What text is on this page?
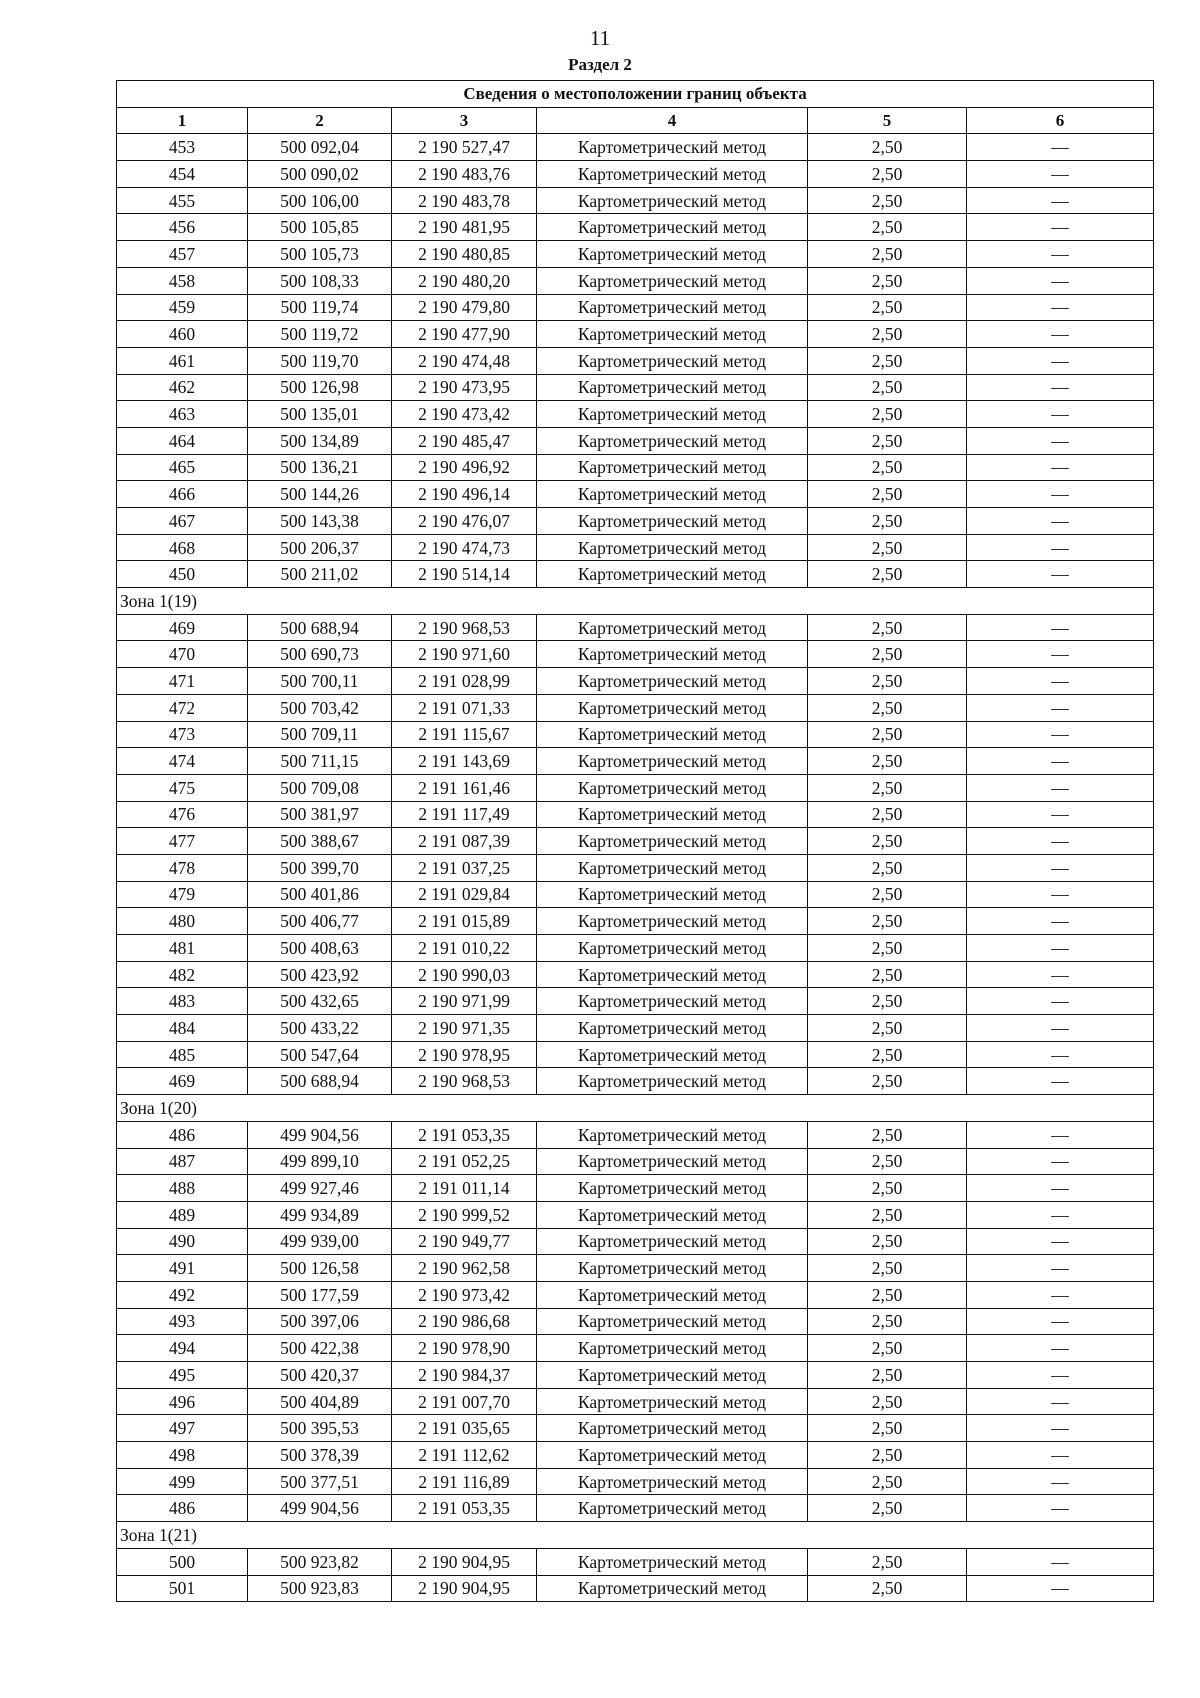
11
Раздел 2
Сведения о местоположении границ объекта					
1	2	3	4	5	6
453	500 092,04	2 190 527,47	Картометрический метод	2,50	—
454	500 090,02	2 190 483,76	Картометрический метод	2,50	—
455	500 106,00	2 190 483,78	Картометрический метод	2,50	—
456	500 105,85	2 190 481,95	Картометрический метод	2,50	—
457	500 105,73	2 190 480,85	Картометрический метод	2,50	—
458	500 108,33	2 190 480,20	Картометрический метод	2,50	—
459	500 119,74	2 190 479,80	Картометрический метод	2,50	—
460	500 119,72	2 190 477,90	Картометрический метод	2,50	—
461	500 119,70	2 190 474,48	Картометрический метод	2,50	—
462	500 126,98	2 190 473,95	Картометрический метод	2,50	—
463	500 135,01	2 190 473,42	Картометрический метод	2,50	—
464	500 134,89	2 190 485,47	Картометрический метод	2,50	—
465	500 136,21	2 190 496,92	Картометрический метод	2,50	—
466	500 144,26	2 190 496,14	Картометрический метод	2,50	—
467	500 143,38	2 190 476,07	Картометрический метод	2,50	—
468	500 206,37	2 190 474,73	Картометрический метод	2,50	—
450	500 211,02	2 190 514,14	Картометрический метод	2,50	—
Зона 1(19)					
469	500 688,94	2 190 968,53	Картометрический метод	2,50	—
470	500 690,73	2 190 971,60	Картометрический метод	2,50	—
471	500 700,11	2 191 028,99	Картометрический метод	2,50	—
472	500 703,42	2 191 071,33	Картометрический метод	2,50	—
473	500 709,11	2 191 115,67	Картометрический метод	2,50	—
474	500 711,15	2 191 143,69	Картометрический метод	2,50	—
475	500 709,08	2 191 161,46	Картометрический метод	2,50	—
476	500 381,97	2 191 117,49	Картометрический метод	2,50	—
477	500 388,67	2 191 087,39	Картометрический метод	2,50	—
478	500 399,70	2 191 037,25	Картометрический метод	2,50	—
479	500 401,86	2 191 029,84	Картометрический метод	2,50	—
480	500 406,77	2 191 015,89	Картометрический метод	2,50	—
481	500 408,63	2 191 010,22	Картометрический метод	2,50	—
482	500 423,92	2 190 990,03	Картометрический метод	2,50	—
483	500 432,65	2 190 971,99	Картометрический метод	2,50	—
484	500 433,22	2 190 971,35	Картометрический метод	2,50	—
485	500 547,64	2 190 978,95	Картометрический метод	2,50	—
469	500 688,94	2 190 968,53	Картометрический метод	2,50	—
Зона 1(20)					
486	499 904,56	2 191 053,35	Картометрический метод	2,50	—
487	499 899,10	2 191 052,25	Картометрический метод	2,50	—
488	499 927,46	2 191 011,14	Картометрический метод	2,50	—
489	499 934,89	2 190 999,52	Картометрический метод	2,50	—
490	499 939,00	2 190 949,77	Картометрический метод	2,50	—
491	500 126,58	2 190 962,58	Картометрический метод	2,50	—
492	500 177,59	2 190 973,42	Картометрический метод	2,50	—
493	500 397,06	2 190 986,68	Картометрический метод	2,50	—
494	500 422,38	2 190 978,90	Картометрический метод	2,50	—
495	500 420,37	2 190 984,37	Картометрический метод	2,50	—
496	500 404,89	2 191 007,70	Картометрический метод	2,50	—
497	500 395,53	2 191 035,65	Картометрический метод	2,50	—
498	500 378,39	2 191 112,62	Картометрический метод	2,50	—
499	500 377,51	2 191 116,89	Картометрический метод	2,50	—
486	499 904,56	2 191 053,35	Картометрический метод	2,50	—
Зона 1(21)					
500	500 923,82	2 190 904,95	Картометрический метод	2,50	—
501	500 923,83	2 190 904,95	Картометрический метод	2,50	—
